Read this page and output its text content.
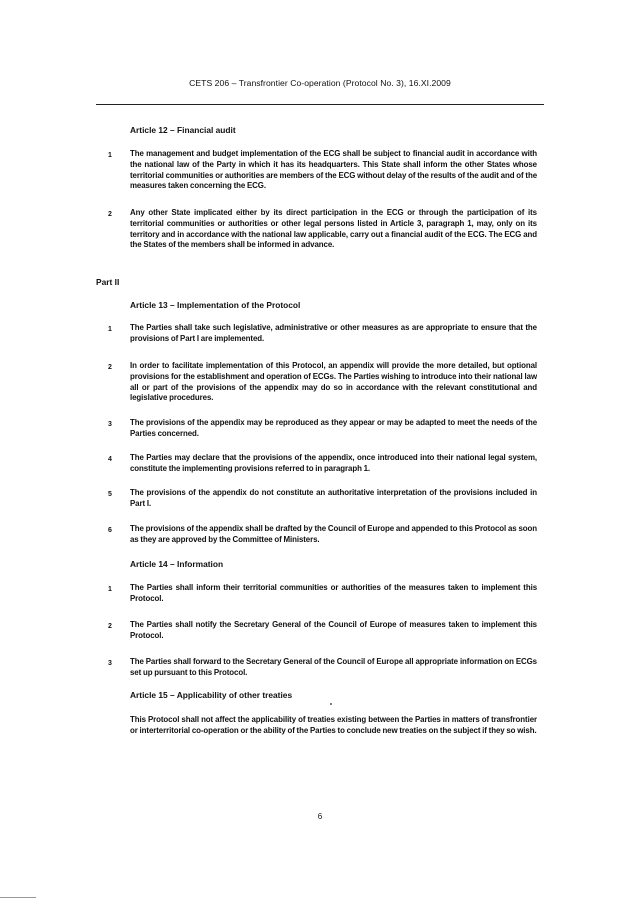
CETS 206 – Transfrontier Co-operation (Protocol No. 3), 16.XI.2009
Article 12 – Financial audit
1 The management and budget implementation of the ECG shall be subject to financial audit in accordance with the national law of the Party in which it has its headquarters. This State shall inform the other States whose territorial communities or authorities are members of the ECG without delay of the results of the audit and of the measures taken concerning the ECG.
2 Any other State implicated either by its direct participation in the ECG or through the participation of its territorial communities or authorities or other legal persons listed in Article 3, paragraph 1, may, only on its territory and in accordance with the national law applicable, carry out a financial audit of the ECG. The ECG and the States of the members shall be informed in advance.
Part II
Article 13 – Implementation of the Protocol
1 The Parties shall take such legislative, administrative or other measures as are appropriate to ensure that the provisions of Part I are implemented.
2 In order to facilitate implementation of this Protocol, an appendix will provide the more detailed, but optional provisions for the establishment and operation of ECGs. The Parties wishing to introduce into their national law all or part of the provisions of the appendix may do so in accordance with the relevant constitutional and legislative procedures.
3 The provisions of the appendix may be reproduced as they appear or may be adapted to meet the needs of the Parties concerned.
4 The Parties may declare that the provisions of the appendix, once introduced into their national legal system, constitute the implementing provisions referred to in paragraph 1.
5 The provisions of the appendix do not constitute an authoritative interpretation of the provisions included in Part I.
6 The provisions of the appendix shall be drafted by the Council of Europe and appended to this Protocol as soon as they are approved by the Committee of Ministers.
Article 14 – Information
1 The Parties shall inform their territorial communities or authorities of the measures taken to implement this Protocol.
2 The Parties shall notify the Secretary General of the Council of Europe of measures taken to implement this Protocol.
3 The Parties shall forward to the Secretary General of the Council of Europe all appropriate information on ECGs set up pursuant to this Protocol.
Article 15 – Applicability of other treaties
This Protocol shall not affect the applicability of treaties existing between the Parties in matters of transfrontier or interterritorial co-operation or the ability of the Parties to conclude new treaties on the subject if they so wish.
6
